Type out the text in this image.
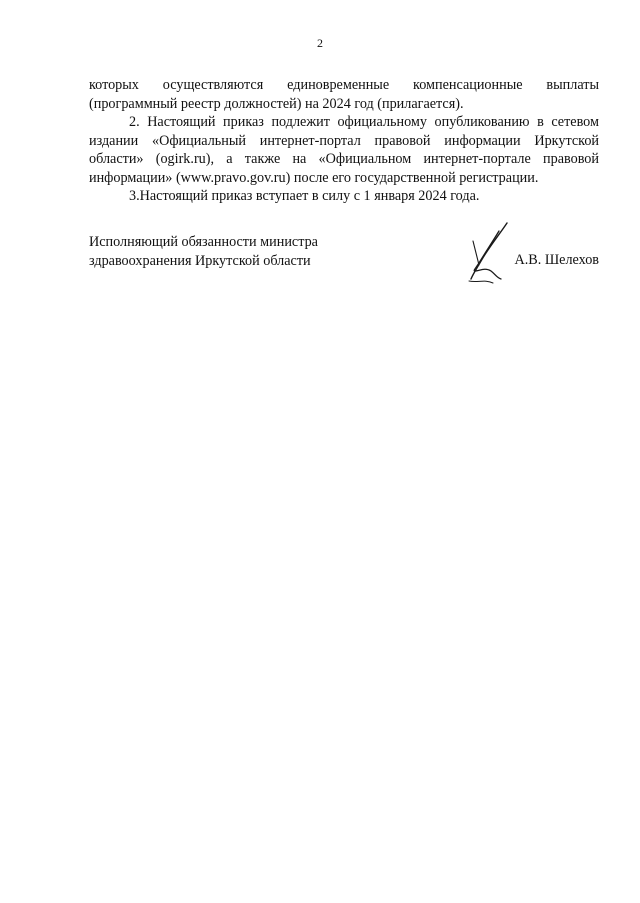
2

которых осуществляются единовременные компенсационные выплаты

(программный реестр должностей) на 2024 год (прилагается).

2. Настоящий приказ подлежит официальному опубликованию в сетевом издании «Официальный интернет-портал правовой информации Иркутской области» (ogirk.ru), а также на «Официальном интернет-портале правовой информации» (www.pravo.gov.ru) после его государственной регистрации.

3.Настоящий приказ вступает в силу с 1 января 2024 года.

Исполняющий обязанности министра
здравоохранения Иркутской области	А.В. Шелехов
